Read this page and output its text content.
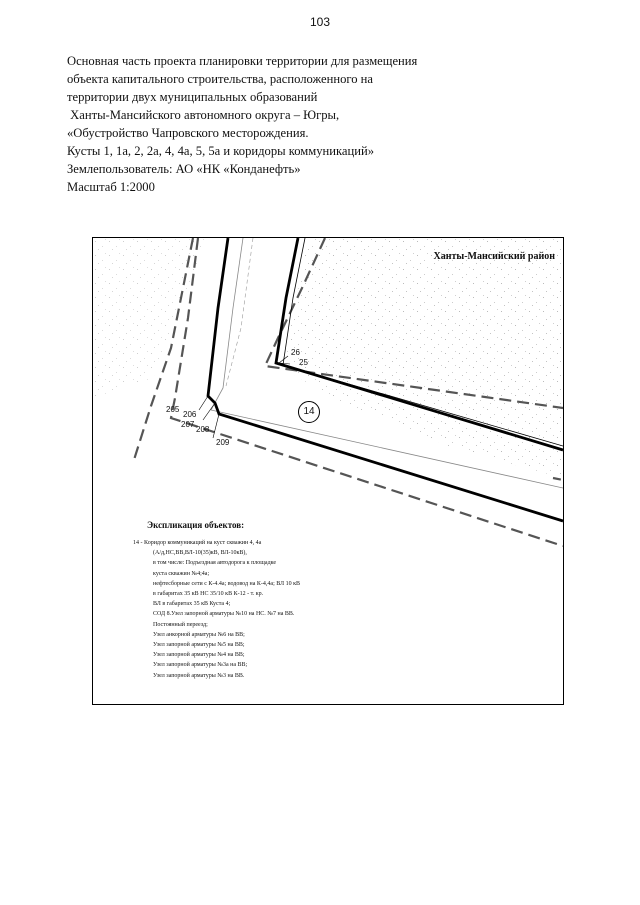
103
Основная часть проекта планировки территории для размещения
объекта капитального строительства, расположенного на
территории двух муниципальных образований
Ханты-Мансийского автономного округа – Югры,
«Обустройство Чапровского месторождения.
Кусты 1, 1а, 2, 2а, 4, 4а, 5, 5а и коридоры коммуникаций»
Землепользователь: АО «НК «Конданефть»
Масштаб 1:2000
Ханты-Мансийский район
26
25
205
206
207
208
209
14
Экспликация объектов:
14 - Коридор коммуникаций на куст скважин 4, 4а
(А/д,НС,ВВ,ВЛ-10(35)кВ, ВЛ-10кВ),
в том числе: Подъездная автодорога к площадке
куста скважин №4;4а;
нефтесборные сети с К-4.4а; водовод на К-4,4а; ВЛ 10 кВ
в габаритах 35 кВ НС 35/10 кВ К-12 - т. кр.
ВЛ в габаритах 35 кВ Куста 4;
СОД 8.Узел запорной арматуры №10 на НС. №7 на ВВ.
Постоянный переезд;
Узел анкорной арматуры №6 на ВВ;
Узел запорной арматуры №5 на ВВ;
Узел запорной арматуры №4 на ВВ;
Узел запорной арматуры №3а на ВВ;
Узел запорной арматуры №3 на ВВ.
